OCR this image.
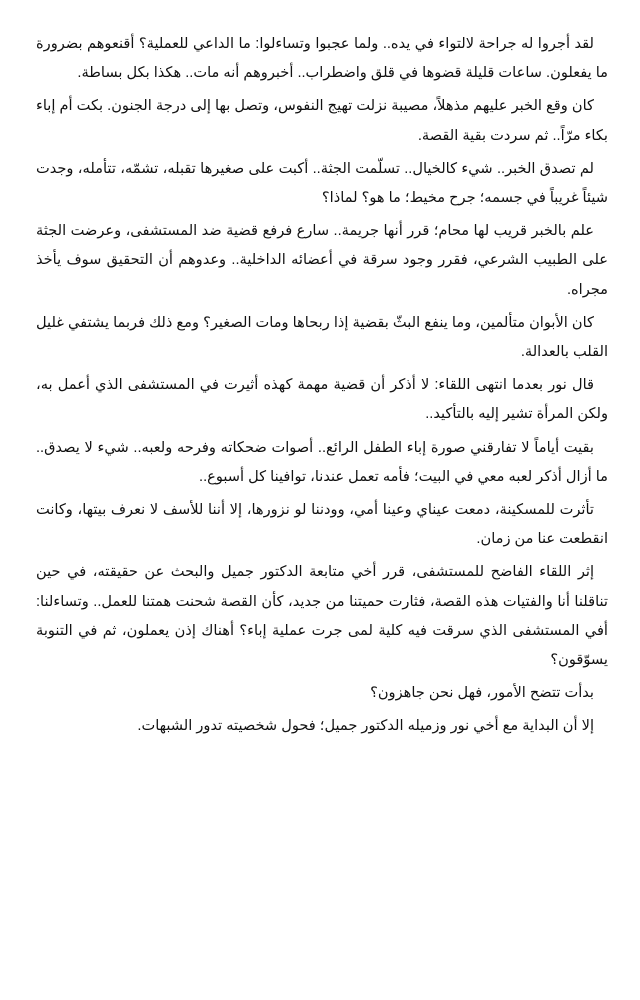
لقد أجروا له جراحة لالتواء في يده.. ولما عجبوا وتساءلوا: ما الداعي للعملية؟ أقنعوهم بضرورة ما يفعلون. ساعات قليلة قضوها في قلق واضطراب.. أخبروهم أنه مات.. هكذا بكل بساطة.

كان وقع الخبر عليهم مذهلاً، مصيبة نزلت تهيج النفوس، وتصل بها إلى درجة الجنون. بكت أم إباء بكاء مرّاً.. ثم سردت بقية القصة.

لم تصدق الخبر.. شيء كالخيال.. تسلّمت الجثة.. أكبت على صغيرها تقبله، تشمّه، تتأمله، وجدت شيئاً غريباً في جسمه؛ جرح مخيط؛ ما هو؟ لماذا؟

علم بالخبر قريب لها محام؛ قرر أنها جريمة.. سارع فرفع قضية ضد المستشفى، وعرضت الجثة على الطبيب الشرعي، فقرر وجود سرقة في أعضائه الداخلية.. وعدوهم أن التحقيق سوف يأخذ مجراه.

كان الأبوان متألمين، وما ينفع البثّ بقضية إذا ربحاها ومات الصغير؟ ومع ذلك فربما يشتفي غليل القلب بالعدالة.

قال نور بعدما انتهى اللقاء: لا أذكر أن قضية مهمة كهذه أثيرت في المستشفى الذي أعمل به، ولكن المرأة تشير إليه بالتأكيد..

بقيت أياماً لا تفارقني صورة إباء الطفل الرائع.. أصوات ضحكاته وفرحه ولعبه.. شيء لا يصدق.. ما أزال أذكر لعبه معي في البيت؛ فأمه تعمل عندنا، توافينا كل أسبوع..

تأثرت للمسكينة، دمعت عيناي وعينا أمي، وودننا لو نزورها، إلا أننا للأسف لا نعرف بيتها، وكانت انقطعت عنا من زمان.

إثر اللقاء الفاضح للمستشفى، قرر أخي متابعة الدكتور جميل والبحث عن حقيقته، في حين تناقلنا أنا والفتيات هذه القصة، فثارت حميتنا من جديد، كأن القصة شحنت همتنا للعمل.. وتساءلنا: أفي المستشفى الذي سرقت فيه كلية لمى جرت عملية إباء؟ أهناك إذن يعملون، ثم في التنوبة يسوّقون؟

بدأت تتضح الأمور، فهل نحن جاهزون؟

إلا أن البداية مع أخي نور وزميله الدكتور جميل؛ فحول شخصيته تدور الشبهات.
